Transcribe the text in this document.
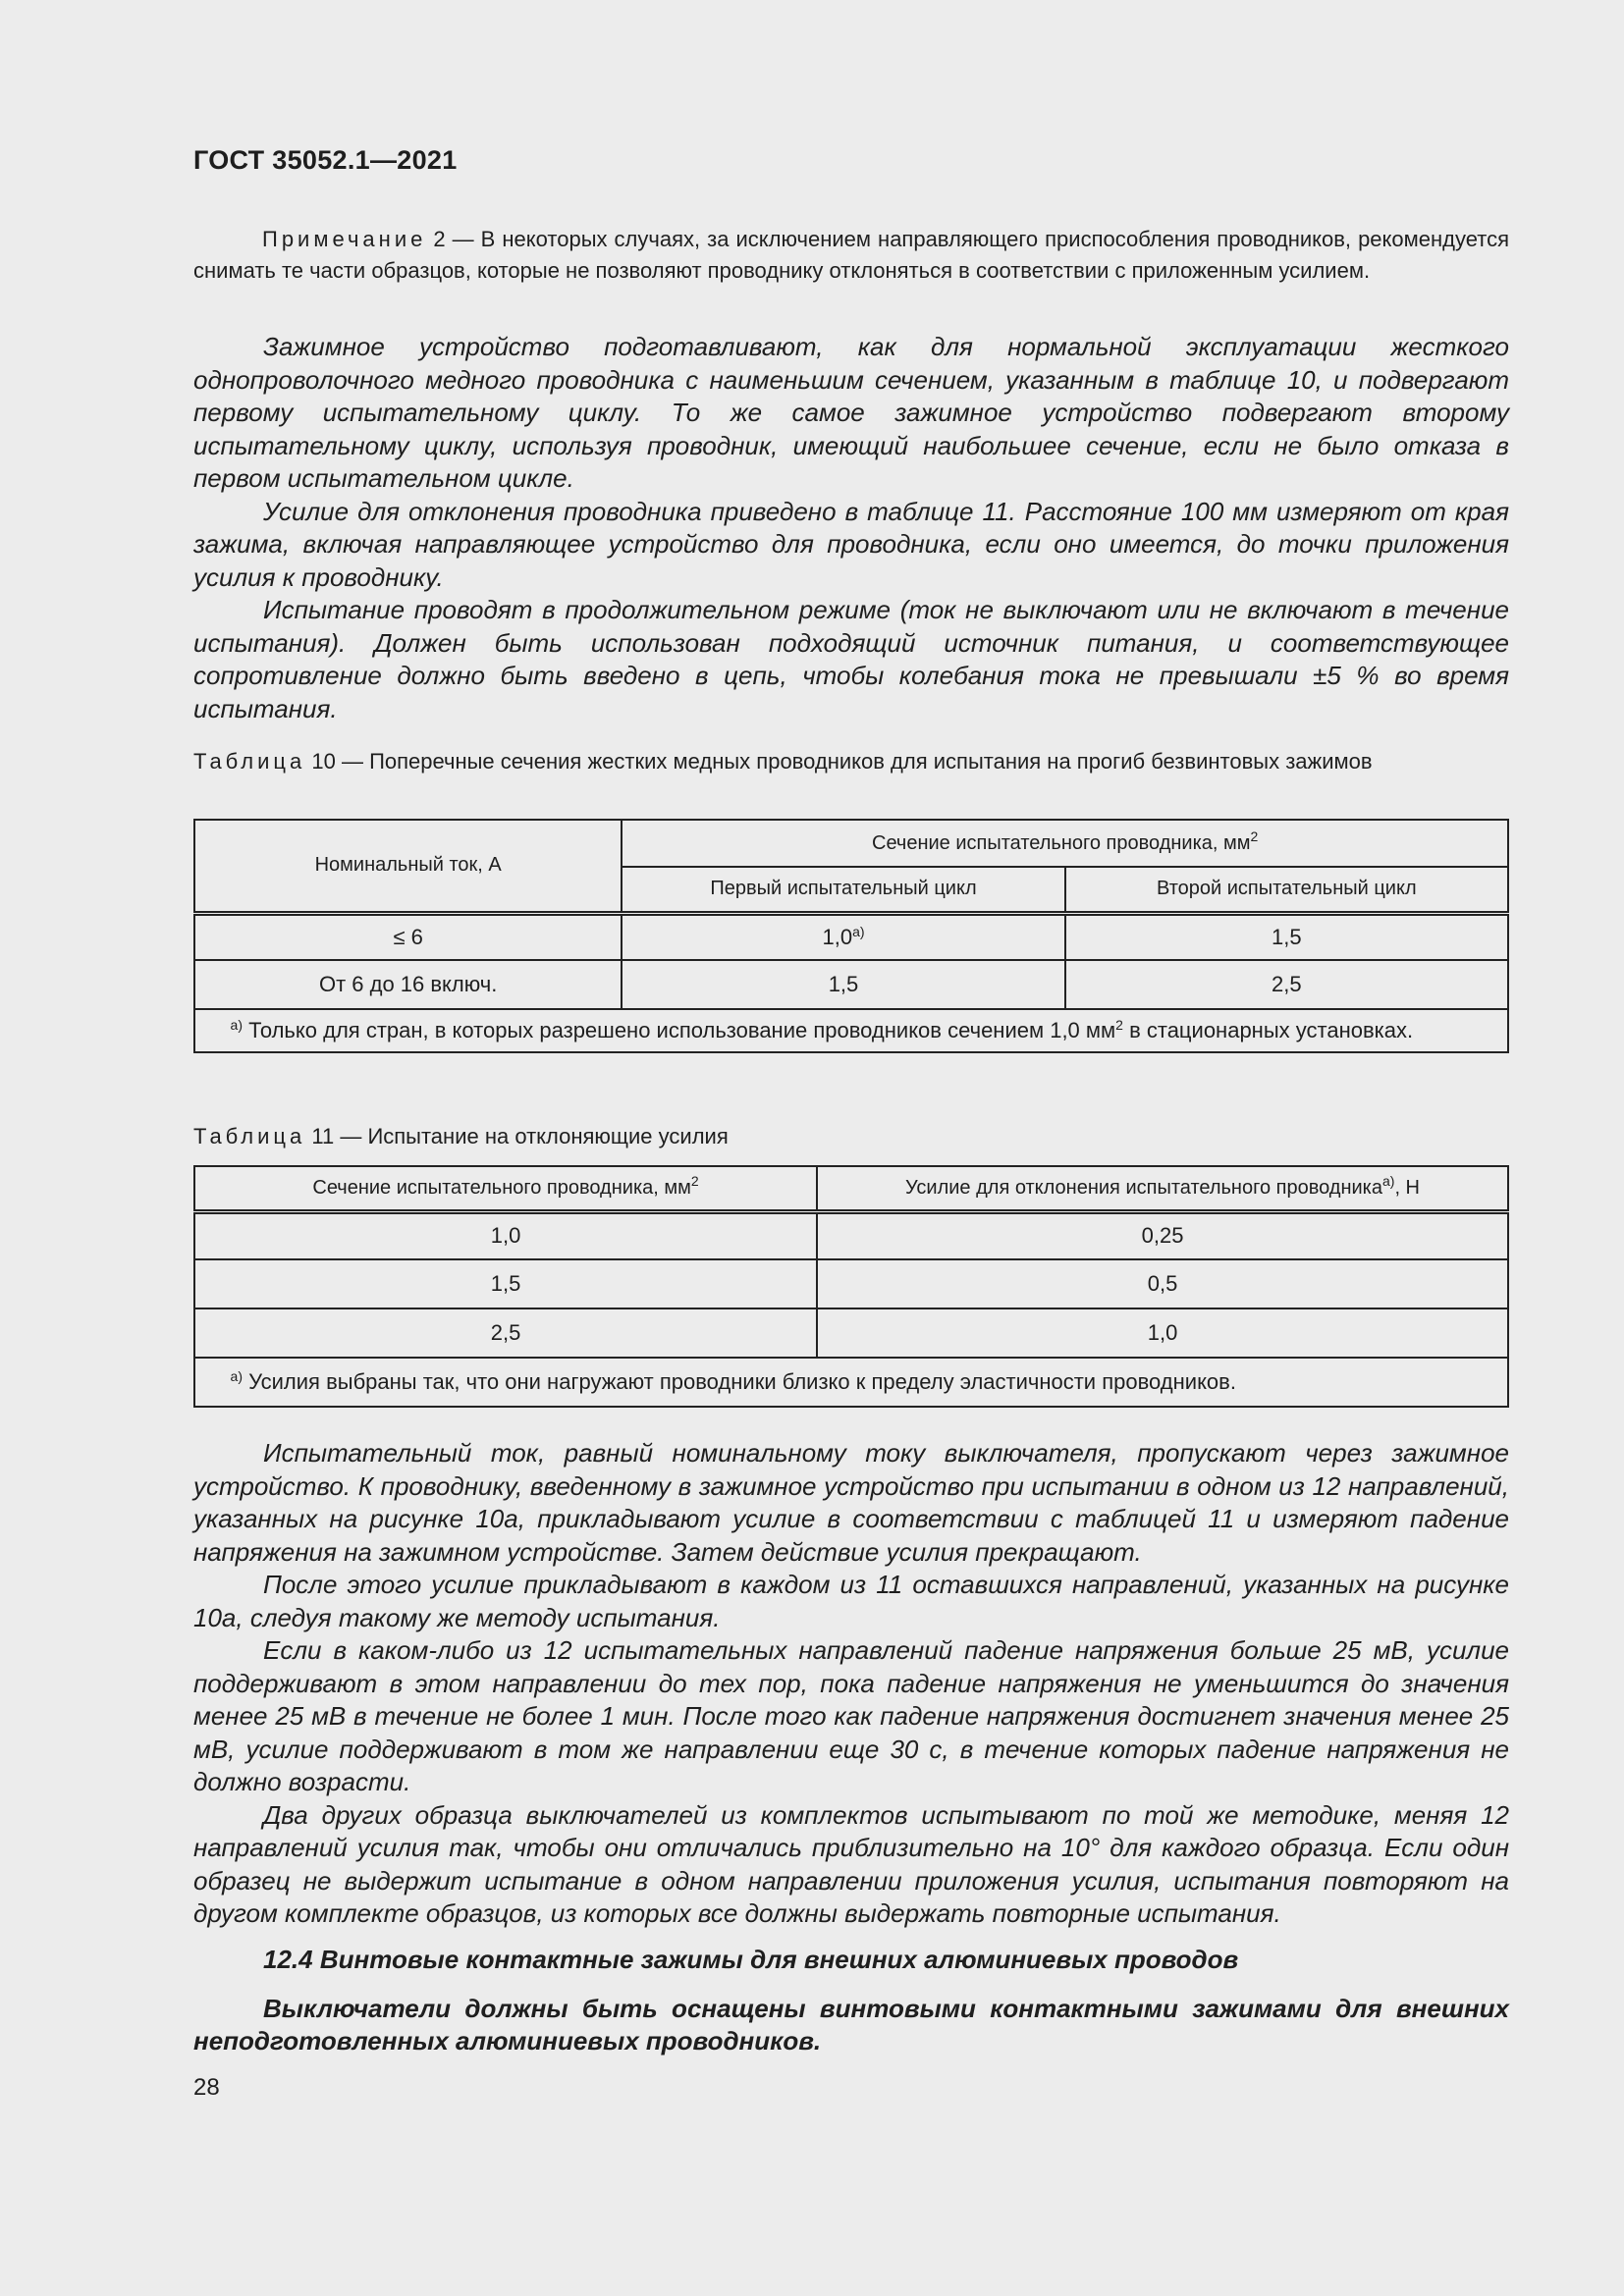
ГОСТ 35052.1—2021
Примечание 2 — В некоторых случаях, за исключением направляющего приспособления проводников, рекомендуется снимать те части образцов, которые не позволяют проводнику отклоняться в соответствии с приложенным усилием.

Зажимное устройство подготавливают, как для нормальной эксплуатации жесткого однопроволочного медного проводника с наименьшим сечением, указанным в таблице 10, и подвергают первому испытательному циклу. То же самое зажимное устройство подвергают второму испытательному циклу, используя проводник, имеющий наибольшее сечение, если не было отказа в первом испытательном цикле.

Усилие для отклонения проводника приведено в таблице 11. Расстояние 100 мм измеряют от края зажима, включая направляющее устройство для проводника, если оно имеется, до точки приложения усилия к проводнику.

Испытание проводят в продолжительном режиме (ток не выключают или не включают в течение испытания). Должен быть использован подходящий источник питания, и соответствующее сопротивление должно быть введено в цепь, чтобы колебания тока не превышали ±5 % во время испытания.

Таблица 10 — Поперечные сечения жестких медных проводников для испытания на прогиб безвинтовых зажимов
Номинальный ток, А	Сечение испытательного проводника, $мм^2$
	Первый испытательный цикл	Второй испытательный цикл
≤ 6	1,0$^{a)}$	1,5
От 6 до 16 включ.	1,5	2,5
$^{a)}$ Только для стран, в которых разрешено использование проводников сечением 1,0 $мм^2$ в стационарных установках.		
Таблица 11 — Испытание на отклоняющие усилия
Сечение испытательного проводника, $мм^2$	Усилие для отклонения испытательного проводника$^{a)}$, Н
1,0	0,25
1,5	0,5
2,5	1,0
$^{a)}$ Усилия выбраны так, что они нагружают проводники близко к пределу эластичности проводников.	

Испытательный ток, равный номинальному току выключателя, пропускают через зажимное устройство. К проводнику, введенному в зажимное устройство при испытании в одном из 12 направлений, указанных на рисунке 10а, прикладывают усилие в соответствии с таблицей 11 и измеряют падение напряжения на зажимном устройстве. Затем действие усилия прекращают.

После этого усилие прикладывают в каждом из 11 оставшихся направлений, указанных на рисунке 10а, следуя такому же методу испытания.

Если в каком-либо из 12 испытательных направлений падение напряжения больше 25 мВ, усилие поддерживают в этом направлении до тех пор, пока падение напряжения не уменьшится до значения менее 25 мВ в течение не более 1 мин. После того как падение напряжения достигнет значения менее 25 мВ, усилие поддерживают в том же направлении еще 30 с, в течение которых падение напряжения не должно возрасти.

Два других образца выключателей из комплектов испытывают по той же методике, меняя 12 направлений усилия так, чтобы они отличались приблизительно на 10° для каждого образца. Если один образец не выдержит испытание в одном направлении приложения усилия, испытания повторяют на другом комплекте образцов, из которых все должны выдержать повторные испытания.

12.4 Винтовые контактные зажимы для внешних алюминиевых проводов
Выключатели должны быть оснащены винтовыми контактными зажимами для внешних неподготовленных алюминиевых проводников.
28
